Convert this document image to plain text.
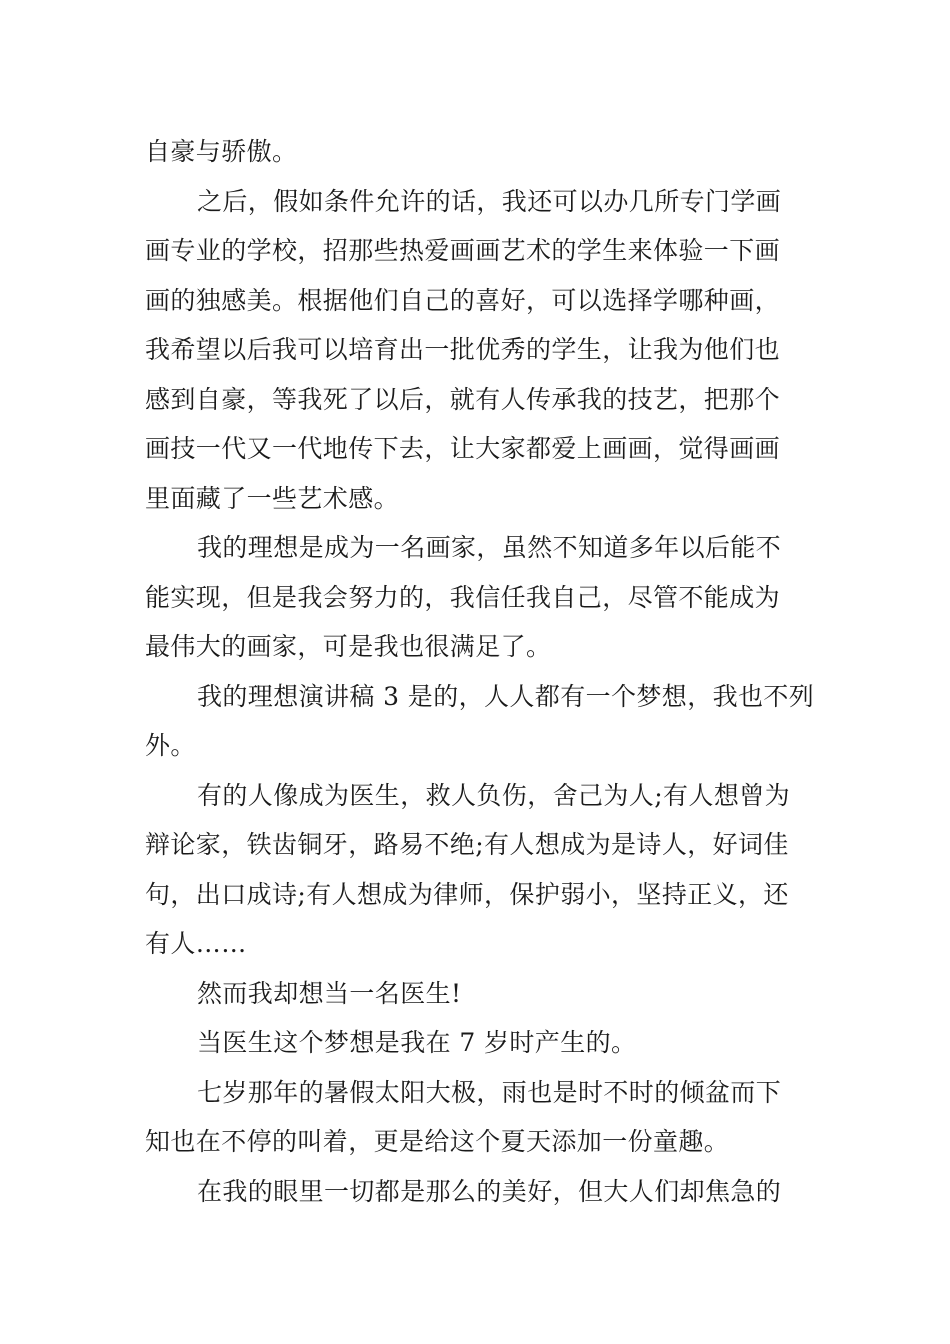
自豪与骄傲。
之后，假如条件允许的话，我还可以办几所专门学画
画专业的学校，招那些热爱画画艺术的学生来体验一下画
画的独感美。根据他们自己的喜好，可以选择学哪种画，
我希望以后我可以培育出一批优秀的学生，让我为他们也
感到自豪，等我死了以后，就有人传承我的技艺，把那个
画技一代又一代地传下去，让大家都爱上画画，觉得画画
里面藏了一些艺术感。
我的理想是成为一名画家，虽然不知道多年以后能不
能实现，但是我会努力的，我信任我自己，尽管不能成为
最伟大的画家，可是我也很满足了。
我的理想演讲稿 3 是的，人人都有一个梦想，我也不列
外。
有的人像成为医生，救人负伤，舍己为人;有人想曾为
辩论家，铁齿铜牙，路易不绝;有人想成为是诗人，好词佳
句，出口成诗;有人想成为律师，保护弱小，坚持正义，还
有人……
然而我却想当一名医生!
当医生这个梦想是我在 7 岁时产生的。
七岁那年的暑假太阳大极，雨也是时不时的倾盆而下
知也在不停的叫着，更是给这个夏天添加一份童趣。
在我的眼里一切都是那么的美好，但大人们却焦急的
